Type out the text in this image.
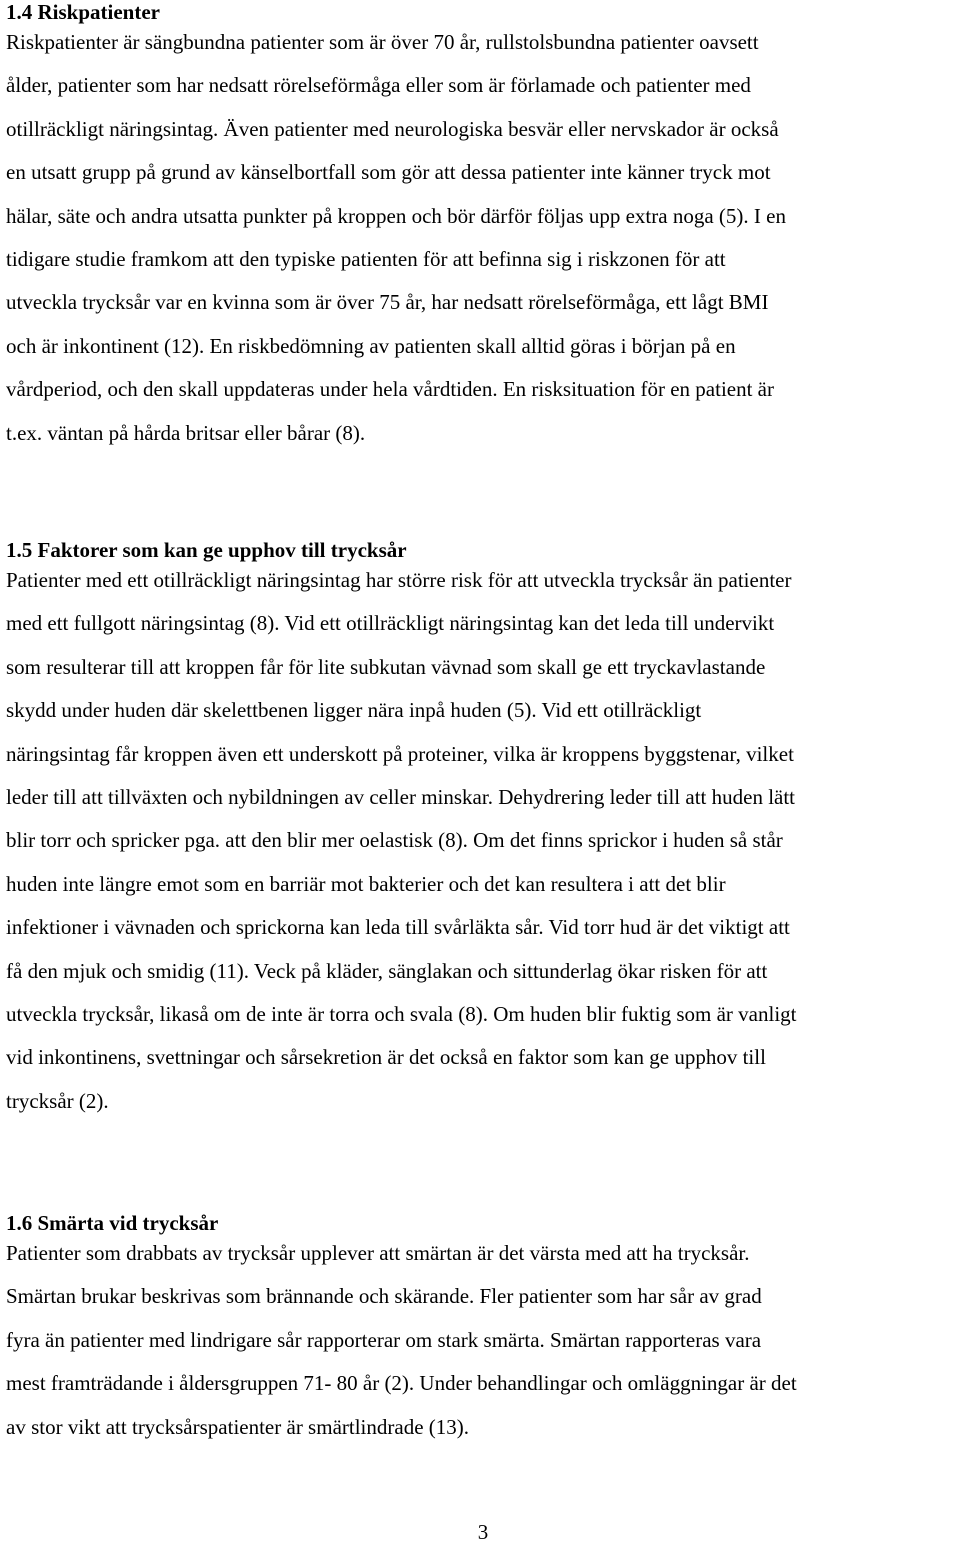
1.4 Riskpatienter

Riskpatienter är sängbundna patienter som är över 70 år, rullstolsbundna patienter oavsett
ålder, patienter som har nedsatt rörelseförmåga eller som är förlamade och patienter med
otillräckligt näringsintag. Även patienter med neurologiska besvär eller nervskador är också
en utsatt grupp på grund av känselbortfall som gör att dessa patienter inte känner tryck mot
hälar, säte och andra utsatta punkter på kroppen och bör därför följas upp extra noga (5). I en
tidigare studie framkom att den typiske patienten för att befinna sig i riskzonen för att
utveckla trycksår var en kvinna som är över 75 år, har nedsatt rörelseförmåga, ett lågt BMI
och är inkontinent (12). En riskbedömning av patienten skall alltid göras i början på en
vårdperiod, och den skall uppdateras under hela vårdtiden. En risksituation för en patient är
t.ex. väntan på hårda britsar eller bårar (8).

1.5 Faktorer som kan ge upphov till trycksår

Patienter med ett otillräckligt näringsintag har större risk för att utveckla trycksår än patienter
med ett fullgott näringsintag (8). Vid ett otillräckligt näringsintag kan det leda till undervikt
som resulterar till att kroppen får för lite subkutan vävnad som skall ge ett tryckavlastande
skydd under huden där skelettbenen ligger nära inpå huden (5). Vid ett otillräckligt
näringsintag får kroppen även ett underskott på proteiner, vilka är kroppens byggstenar, vilket
leder till att tillväxten och nybildningen av celler minskar. Dehydrering leder till att huden lätt
blir torr och spricker pga. att den blir mer oelastisk (8). Om det finns sprickor i huden så står
huden inte längre emot som en barriär mot bakterier och det kan resultera i att det blir
infektioner i vävnaden och sprickorna kan leda till svårläkta sår. Vid torr hud är det viktigt att
få den mjuk och smidig (11). Veck på kläder, sänglakan och sittunderlag ökar risken för att
utveckla trycksår, likaså om de inte är torra och svala (8). Om huden blir fuktig som är vanligt
vid inkontinens, svettningar och sårsekretion är det också en faktor som kan ge upphov till
trycksår (2).

1.6 Smärta vid trycksår

Patienter som drabbats av trycksår upplever att smärtan är det värsta med att ha trycksår.
Smärtan brukar beskrivas som brännande och skärande. Fler patienter som har sår av grad
fyra än patienter med lindrigare sår rapporterar om stark smärta. Smärtan rapporteras vara
mest framträdande i åldersgruppen 71- 80 år (2). Under behandlingar och omläggningar är det
av stor vikt att trycksårspatienter är smärtlindrade (13).

3
